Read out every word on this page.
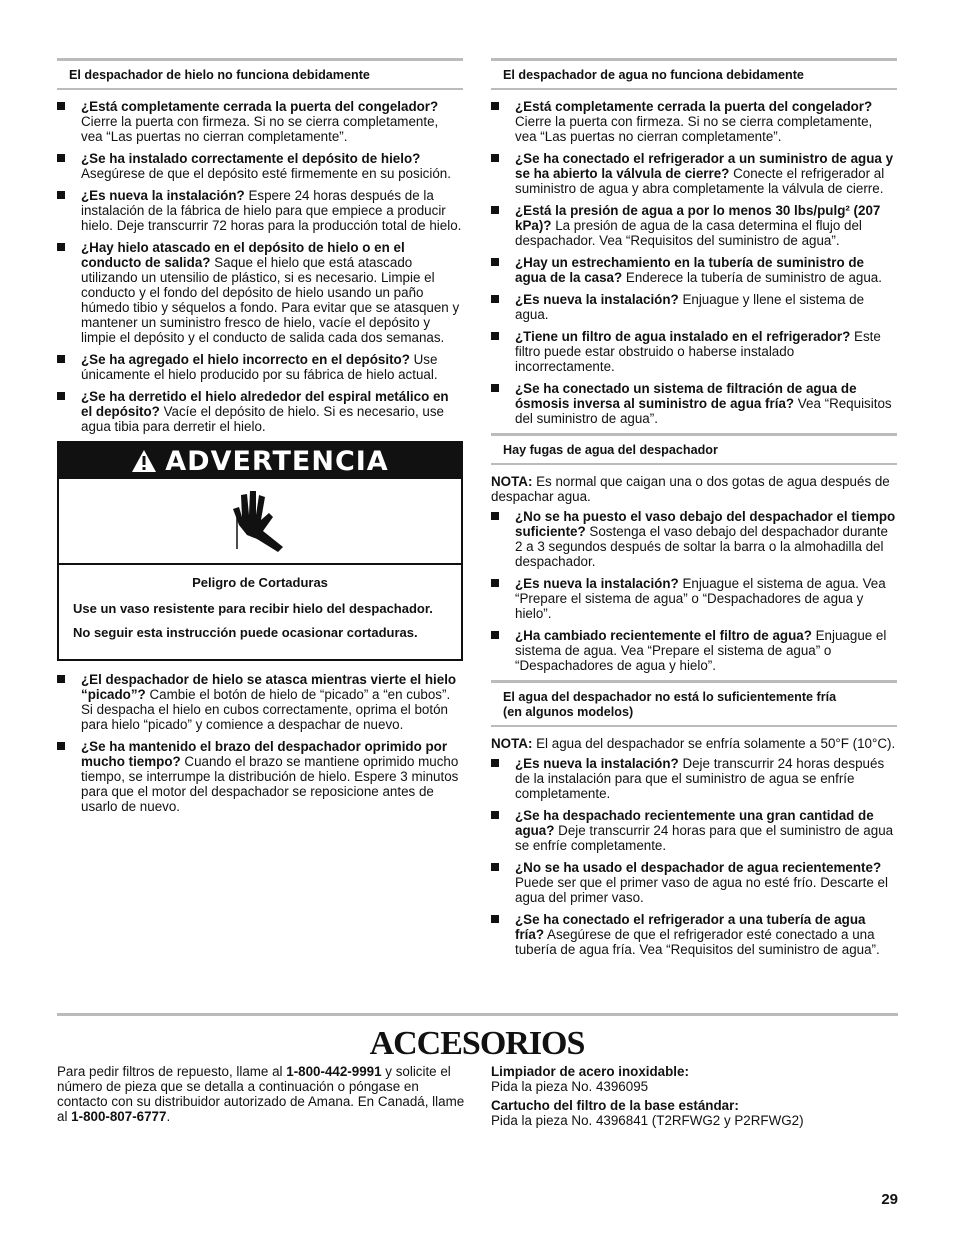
El despachador de hielo no funciona debidamente
¿Está completamente cerrada la puerta del congelador? Cierre la puerta con firmeza. Si no se cierra completamente, vea “Las puertas no cierran completamente”.
¿Se ha instalado correctamente el depósito de hielo? Asegúrese de que el depósito esté firmemente en su posición.
¿Es nueva la instalación? Espere 24 horas después de la instalación de la fábrica de hielo para que empiece a producir hielo. Deje transcurrir 72 horas para la producción total de hielo.
¿Hay hielo atascado en el depósito de hielo o en el conducto de salida? Saque el hielo que está atascado utilizando un utensilio de plástico, si es necesario. Limpie el conducto y el fondo del depósito de hielo usando un paño húmedo tibio y séquelos a fondo. Para evitar que se atasquen y mantener un suministro fresco de hielo, vacíe el depósito y limpie el depósito y el conducto de salida cada dos semanas.
¿Se ha agregado el hielo incorrecto en el depósito? Use únicamente el hielo producido por su fábrica de hielo actual.
¿Se ha derretido el hielo alrededor del espiral metálico en el depósito? Vacíe el depósito de hielo. Si es necesario, use agua tibia para derretir el hielo.
ADVERTENCIA
Peligro de Cortaduras

Use un vaso resistente para recibir hielo del despachador.

No seguir esta instrucción puede ocasionar cortaduras.

¿El despachador de hielo se atasca mientras vierte el hielo “picado”? Cambie el botón de hielo de “picado” a “en cubos”. Si despacha el hielo en cubos correctamente, oprima el botón para hielo “picado” y comience a despachar de nuevo.
¿Se ha mantenido el brazo del despachador oprimido por mucho tiempo? Cuando el brazo se mantiene oprimido mucho tiempo, se interrumpe la distribución de hielo. Espere 3 minutos para que el motor del despachador se reposicione antes de usarlo de nuevo.
El despachador de agua no funciona debidamente
¿Está completamente cerrada la puerta del congelador? Cierre la puerta con firmeza. Si no se cierra completamente, vea “Las puertas no cierran completamente”.
¿Se ha conectado el refrigerador a un suministro de agua y se ha abierto la válvula de cierre? Conecte el refrigerador al suministro de agua y abra completamente la válvula de cierre.
¿Está la presión de agua a por lo menos 30 lbs/pulg² (207 kPa)? La presión de agua de la casa determina el flujo del despachador. Vea “Requisitos del suministro de agua”.
¿Hay un estrechamiento en la tubería de suministro de agua de la casa? Enderece la tubería de suministro de agua.
¿Es nueva la instalación? Enjuague y llene el sistema de agua.
¿Tiene un filtro de agua instalado en el refrigerador? Este filtro puede estar obstruido o haberse instalado incorrectamente.
¿Se ha conectado un sistema de filtración de agua de ósmosis inversa al suministro de agua fría? Vea “Requisitos del suministro de agua”.
Hay fugas de agua del despachador

NOTA: Es normal que caigan una o dos gotas de agua después de despachar agua.

¿No se ha puesto el vaso debajo del despachador el tiempo suficiente? Sostenga el vaso debajo del despachador durante 2 a 3 segundos después de soltar la barra o la almohadilla del despachador.
¿Es nueva la instalación? Enjuague el sistema de agua. Vea “Prepare el sistema de agua” o “Despachadores de agua y hielo”.
¿Ha cambiado recientemente el filtro de agua? Enjuague el sistema de agua. Vea “Prepare el sistema de agua” o “Despachadores de agua y hielo”.
El agua del despachador no está lo suficientemente fría
(en algunos modelos)

NOTA: El agua del despachador se enfría solamente a 50°F (10°C).

¿Es nueva la instalación? Deje transcurrir 24 horas después de la instalación para que el suministro de agua se enfríe completamente.
¿Se ha despachado recientemente una gran cantidad de agua? Deje transcurrir 24 horas para que el suministro de agua se enfríe completamente.
¿No se ha usado el despachador de agua recientemente? Puede ser que el primer vaso de agua no esté frío. Descarte el agua del primer vaso.
¿Se ha conectado el refrigerador a una tubería de agua fría? Asegúrese de que el refrigerador esté conectado a una tubería de agua fría. Vea “Requisitos del suministro de agua”.
ACCESORIOS
Para pedir filtros de repuesto, llame al 1-800-442-9991 y solicite el número de pieza que se detalla a continuación o póngase en contacto con su distribuidor autorizado de Amana. En Canadá, llame al 1-800-807-6777.

Limpiador de acero inoxidable:
Pida la pieza No. 4396095

Cartucho del filtro de la base estándar:
Pida la pieza No. 4396841 (T2RFWG2 y P2RFWG2)

29
